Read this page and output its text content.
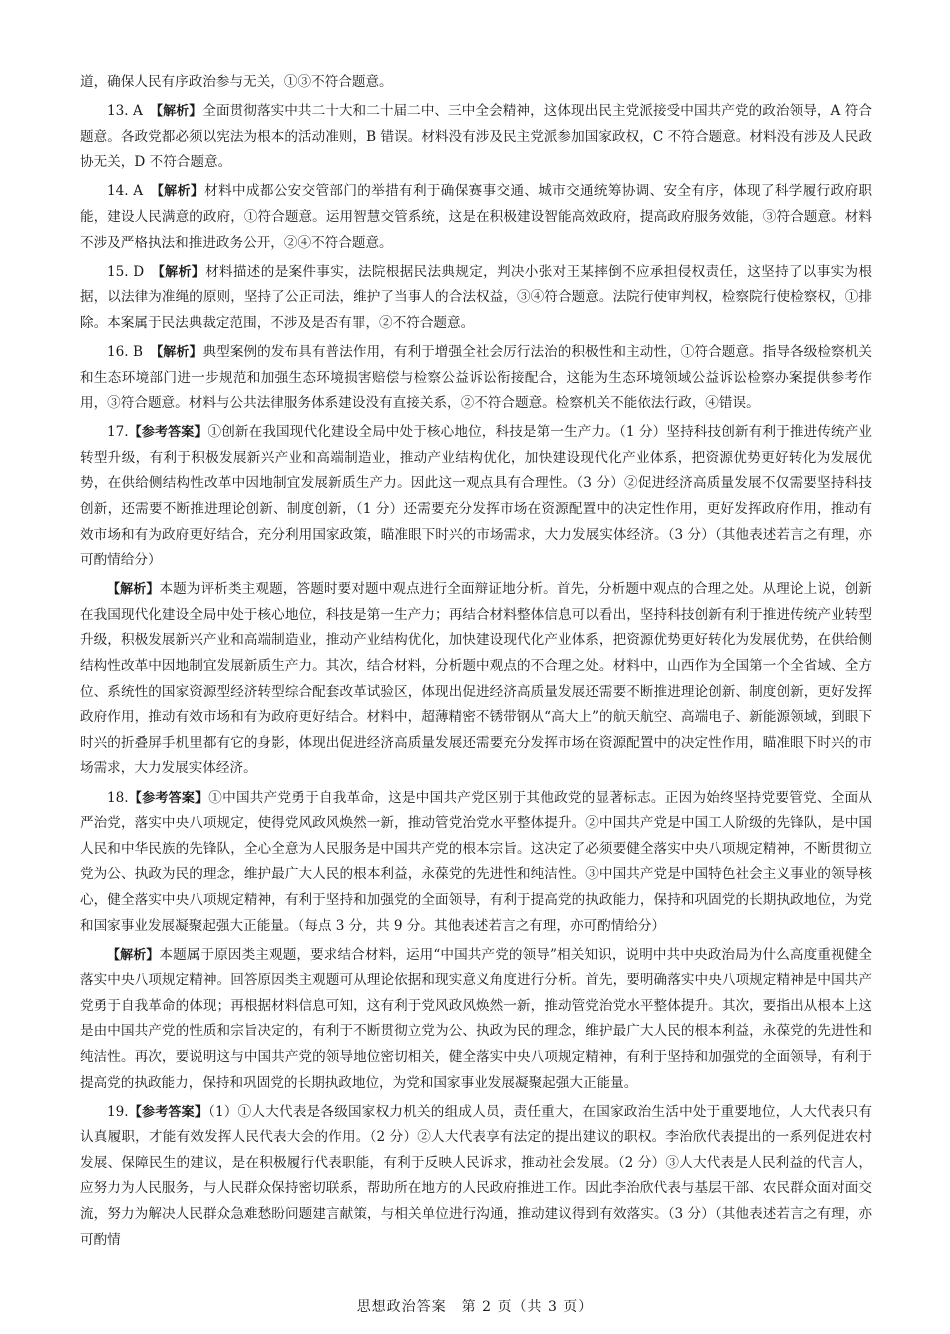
道，确保人民有序政治参与无关，①③不符合题意。

13. A　【解析】全面贯彻落实中共二十大和二十届二中、三中全会精神，这体现出民主党派接受中国共产党的政治领导，A 符合题意。各政党都必须以宪法为根本的活动准则，B 错误。材料没有涉及民主党派参加国家政权，C 不符合题意。材料没有涉及人民政协无关，D 不符合题意。

14. A　【解析】材料中成都公安交管部门的举措有利于确保赛事交通、城市交通统筹协调、安全有序，体现了科学履行政府职能，建设人民满意的政府，①符合题意。运用智慧交管系统，这是在积极建设智能高效政府，提高政府服务效能，③符合题意。材料不涉及严格执法和推进政务公开，②④不符合题意。

15. D　【解析】材料描述的是案件事实，法院根据民法典规定，判决小张对王某摔倒不应承担侵权责任，这坚持了以事实为根据，以法律为准绳的原则，坚持了公正司法，维护了当事人的合法权益，③④符合题意。法院行使审判权，检察院行使检察权，①排除。本案属于民法典裁定范围，不涉及是否有罪，②不符合题意。

16. B　【解析】典型案例的发布具有普法作用，有利于增强全社会厉行法治的积极性和主动性，①符合题意。指导各级检察机关和生态环境部门进一步规范和加强生态环境损害赔偿与检察公益诉讼衔接配合，这能为生态环境领域公益诉讼检察办案提供参考作用，③符合题意。材料与公共法律服务体系建设没有直接关系，②不符合题意。检察机关不能依法行政，④错误。

17.【参考答案】①创新在我国现代化建设全局中处于核心地位，科技是第一生产力。（1 分）坚持科技创新有利于推进传统产业转型升级，有利于积极发展新兴产业和高端制造业，推动产业结构优化，加快建设现代化产业体系，把资源优势更好转化为发展优势，在供给侧结构性改革中因地制宜发展新质生产力。因此这一观点具有合理性。（3 分）②促进经济高质量发展不仅需要坚持科技创新，还需要不断推进理论创新、制度创新，（1 分）还需要充分发挥市场在资源配置中的决定性作用，更好发挥政府作用，推动有效市场和有为政府更好结合，充分利用国家政策，瞄准眼下时兴的市场需求，大力发展实体经济。（3 分）（其他表述若言之有理，亦可酌情给分）

【解析】本题为评析类主观题，答题时要对题中观点进行全面辩证地分析。首先，分析题中观点的合理之处。从理论上说，创新在我国现代化建设全局中处于核心地位，科技是第一生产力；再结合材料整体信息可以看出，坚持科技创新有利于推进传统产业转型升级，积极发展新兴产业和高端制造业，推动产业结构优化，加快建设现代化产业体系，把资源优势更好转化为发展优势，在供给侧结构性改革中因地制宜发展新质生产力。其次，结合材料，分析题中观点的不合理之处。材料中，山西作为全国第一个全省域、全方位、系统性的国家资源型经济转型综合配套改革试验区，体现出促进经济高质量发展还需要不断推进理论创新、制度创新，更好发挥政府作用，推动有效市场和有为政府更好结合。材料中，超薄精密不锈带钢从“高大上”的航天航空、高端电子、新能源领域，到眼下时兴的折叠屏手机里都有它的身影，体现出促进经济高质量发展还需要充分发挥市场在资源配置中的决定性作用，瞄准眼下时兴的市场需求，大力发展实体经济。

18.【参考答案】①中国共产党勇于自我革命，这是中国共产党区别于其他政党的显著标志。正因为始终坚持党要管党、全面从严治党，落实中央八项规定，使得党风政风焕然一新，推动管党治党水平整体提升。②中国共产党是中国工人阶级的先锋队，是中国人民和中华民族的先锋队，全心全意为人民服务是中国共产党的根本宗旨。这决定了必须要健全落实中央八项规定精神，不断贯彻立党为公、执政为民的理念，维护最广大人民的根本利益，永葆党的先进性和纯洁性。③中国共产党是中国特色社会主义事业的领导核心，健全落实中央八项规定精神，有利于坚持和加强党的全面领导，有利于提高党的执政能力，保持和巩固党的长期执政地位，为党和国家事业发展凝聚起强大正能量。（每点 3 分，共 9 分。其他表述若言之有理，亦可酌情给分）

【解析】本题属于原因类主观题，要求结合材料，运用“中国共产党的领导”相关知识，说明中共中央政治局为什么高度重视健全落实中央八项规定精神。回答原因类主观题可从理论依据和现实意义角度进行分析。首先，要明确落实中央八项规定精神是中国共产党勇于自我革命的体现；再根据材料信息可知，这有利于党风政风焕然一新，推动管党治党水平整体提升。其次，要指出从根本上这是由中国共产党的性质和宗旨决定的，有利于不断贯彻立党为公、执政为民的理念，维护最广大人民的根本利益，永葆党的先进性和纯洁性。再次，要说明这与中国共产党的领导地位密切相关，健全落实中央八项规定精神，有利于坚持和加强党的全面领导，有利于提高党的执政能力，保持和巩固党的长期执政地位，为党和国家事业发展凝聚起强大正能量。

19.【参考答案】（1）①人大代表是各级国家权力机关的组成人员，责任重大，在国家政治生活中处于重要地位，人大代表只有认真履职，才能有效发挥人民代表大会的作用。（2 分）②人大代表享有法定的提出建议的职权。李治欣代表提出的一系列促进农村发展、保障民生的建议，是在积极履行代表职能，有利于反映人民诉求，推动社会发展。（2 分）③人大代表是人民利益的代言人，应努力为人民服务，与人民群众保持密切联系，帮助所在地方的人民政府推进工作。因此李治欣代表与基层干部、农民群众面对面交流，努力为解决人民群众急难愁盼问题建言献策，与相关单位进行沟通，推动建议得到有效落实。（3 分）（其他表述若言之有理，亦可酌情

思想政治答案　第 2 页（共 3 页）
